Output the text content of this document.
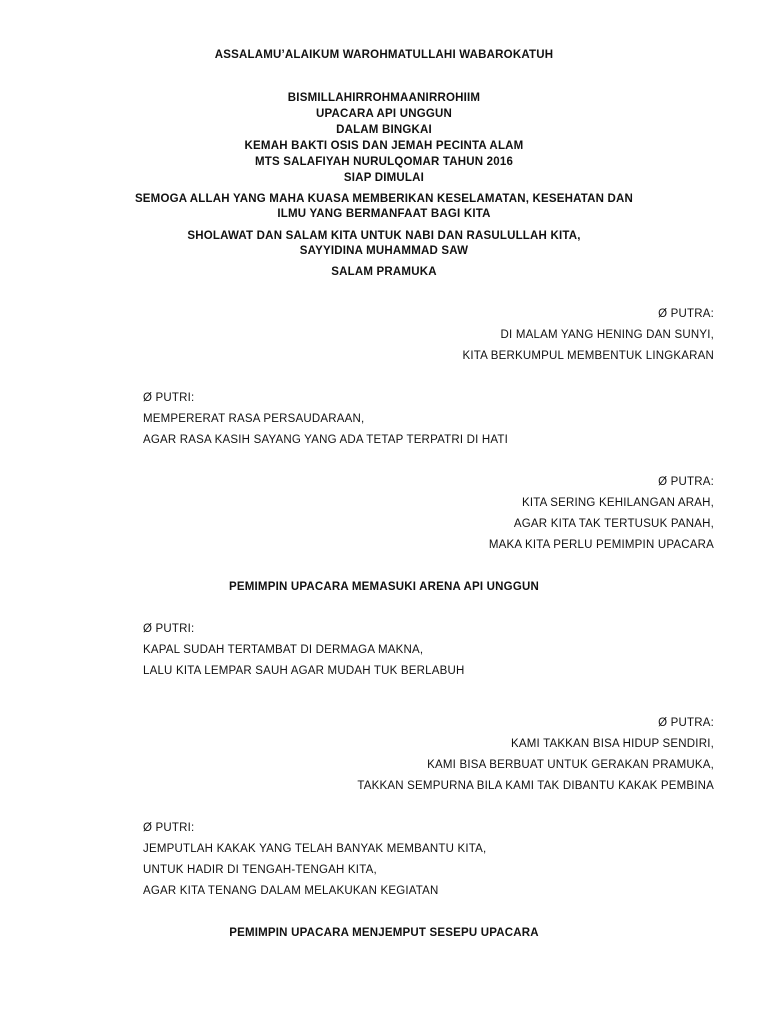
ASSALAMU’ALAIKUM WAROHMATULLAHI WABAROKATUH
BISMILLAHIRROHMAANIRROHIIM
UPACARA API UNGGUN
DALAM BINGKAI
KEMAH BAKTI OSIS DAN JEMAH PECINTA ALAM
MTS SALAFIYAH NURULQOMAR TAHUN 2016
SIAP DIMULAI
SEMOGA ALLAH YANG MAHA KUASA MEMBERIKAN KESELAMATAN, KESEHATAN DAN
ILMU YANG BERMANFAAT BAGI KITA
SHOLAWAT DAN SALAM KITA UNTUK NABI DAN RASULULLAH KITA,
SAYYIDINA MUHAMMAD SAW
SALAM PRAMUKA
Ø PUTRA:
DI MALAM YANG HENING DAN SUNYI,
KITA BERKUMPUL MEMBENTUK LINGKARAN
Ø PUTRI:
MEMPERERAT RASA PERSAUDARAAN,
AGAR RASA KASIH SAYANG YANG ADA TETAP TERPATRI DI HATI
Ø PUTRA:
KITA SERING KEHILANGAN ARAH,
AGAR KITA TAK TERTUSUK PANAH,
MAKA KITA PERLU PEMIMPIN UPACARA
PEMIMPIN UPACARA MEMASUKI ARENA API UNGGUN
Ø PUTRI:
KAPAL SUDAH TERTAMBAT DI DERMAGA MAKNA,
LALU KITA LEMPAR SAUH AGAR MUDAH TUK BERLABUH
Ø PUTRA:
KAMI TAKKAN BISA HIDUP SENDIRI,
KAMI BISA BERBUAT UNTUK GERAKAN PRAMUKA,
TAKKAN SEMPURNA BILA KAMI TAK DIBANTU KAKAK PEMBINA
Ø PUTRI:
JEMPUTLAH KAKAK YANG TELAH BANYAK MEMBANTU KITA,
UNTUK HADIR DI TENGAH-TENGAH KITA,
AGAR KITA TENANG DALAM MELAKUKAN KEGIATAN
PEMIMPIN UPACARA MENJEMPUT SESEPU UPACARA
